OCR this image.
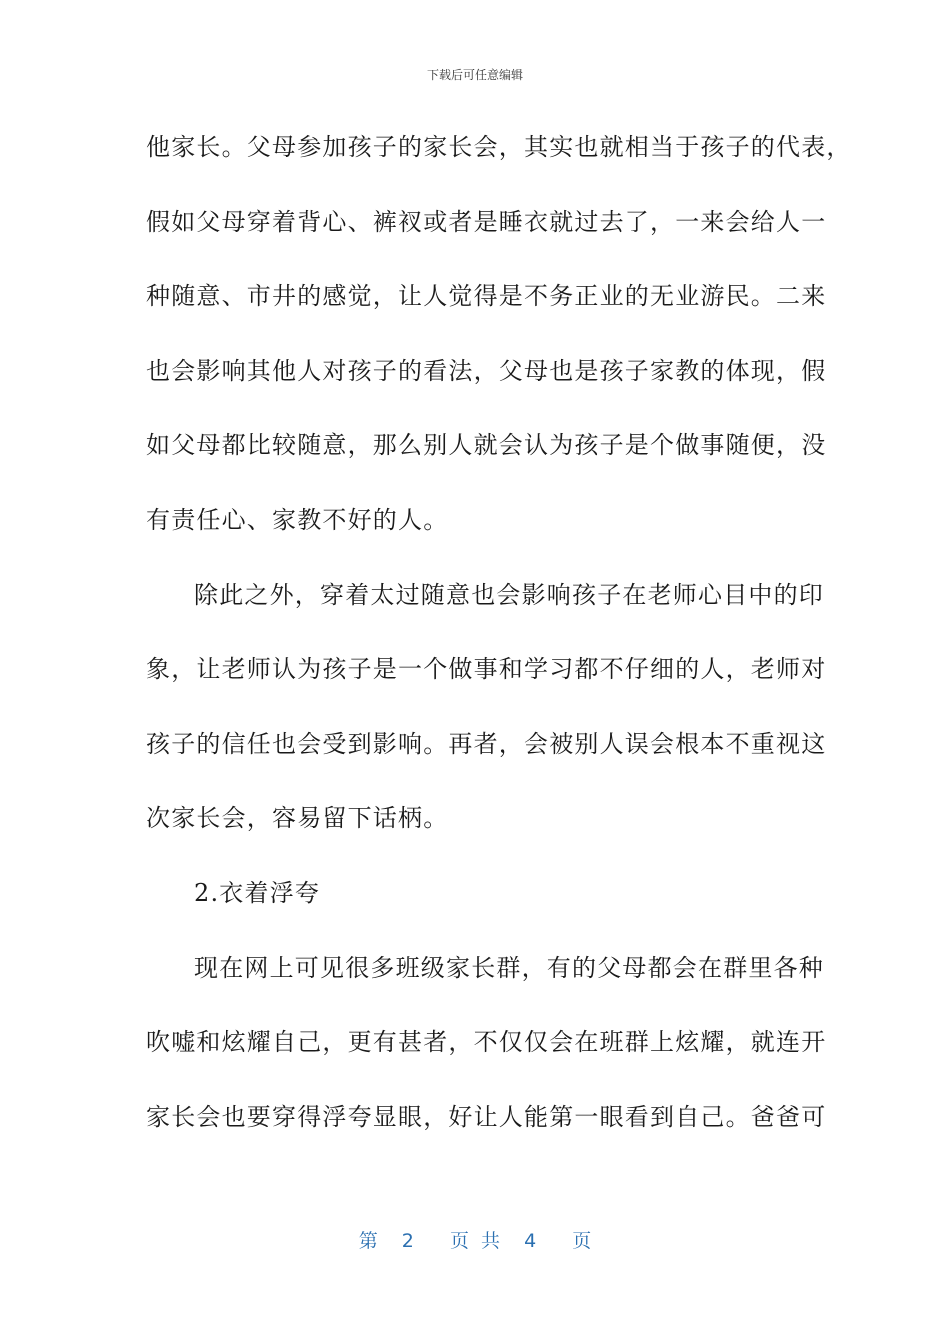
下载后可任意编辑
他家长。父母参加孩子的家长会，其实也就相当于孩子的代表，
假如父母穿着背心、裤衩或者是睡衣就过去了，一来会给人一
种随意、市井的感觉，让人觉得是不务正业的无业游民。二来
也会影响其他人对孩子的看法，父母也是孩子家教的体现，假
如父母都比较随意，那么别人就会认为孩子是个做事随便，没
有责任心、家教不好的人。
除此之外，穿着太过随意也会影响孩子在老师心目中的印
象，让老师认为孩子是一个做事和学习都不仔细的人，老师对
孩子的信任也会受到影响。再者，会被别人误会根本不重视这
次家长会，容易留下话柄。
2.衣着浮夸
现在网上可见很多班级家长群，有的父母都会在群里各种
吹嘘和炫耀自己，更有甚者，不仅仅会在班群上炫耀，就连开
家长会也要穿得浮夸显眼，好让人能第一眼看到自己。爸爸可
第  2   页 共  4   页
